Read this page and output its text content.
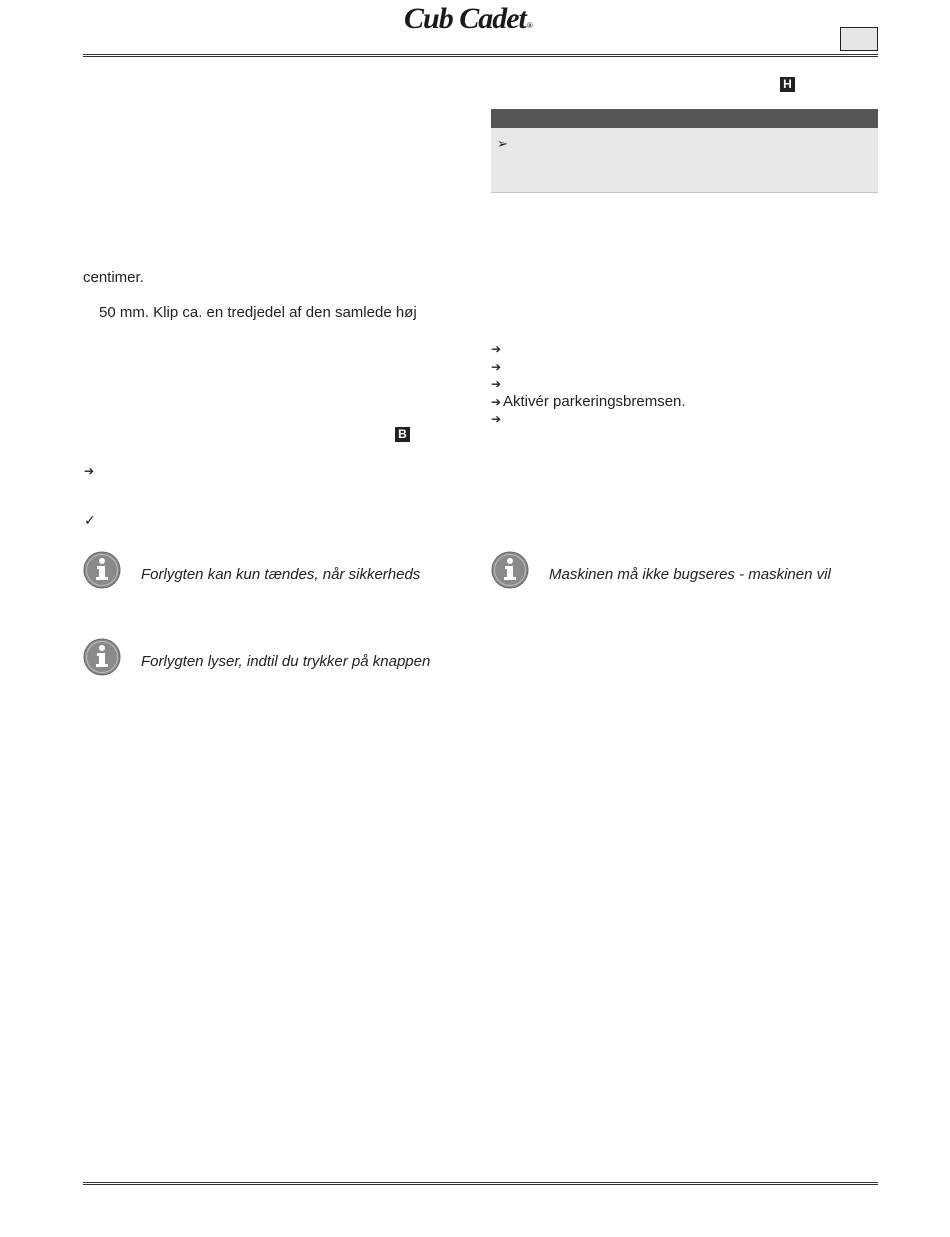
Cub Cadet®
H
➢
centimer.
50 mm. Klip ca. en tredjedel af den samlede høj
B
➔
✓
➔
➔
➔
➔ Aktivér parkeringsbremsen.
➔
Forlygten kan kun tændes, når sikkerheds	Maskinen må ikke bugseres - maskinen vil
Forlygten lyser, indtil du trykker på knappen
